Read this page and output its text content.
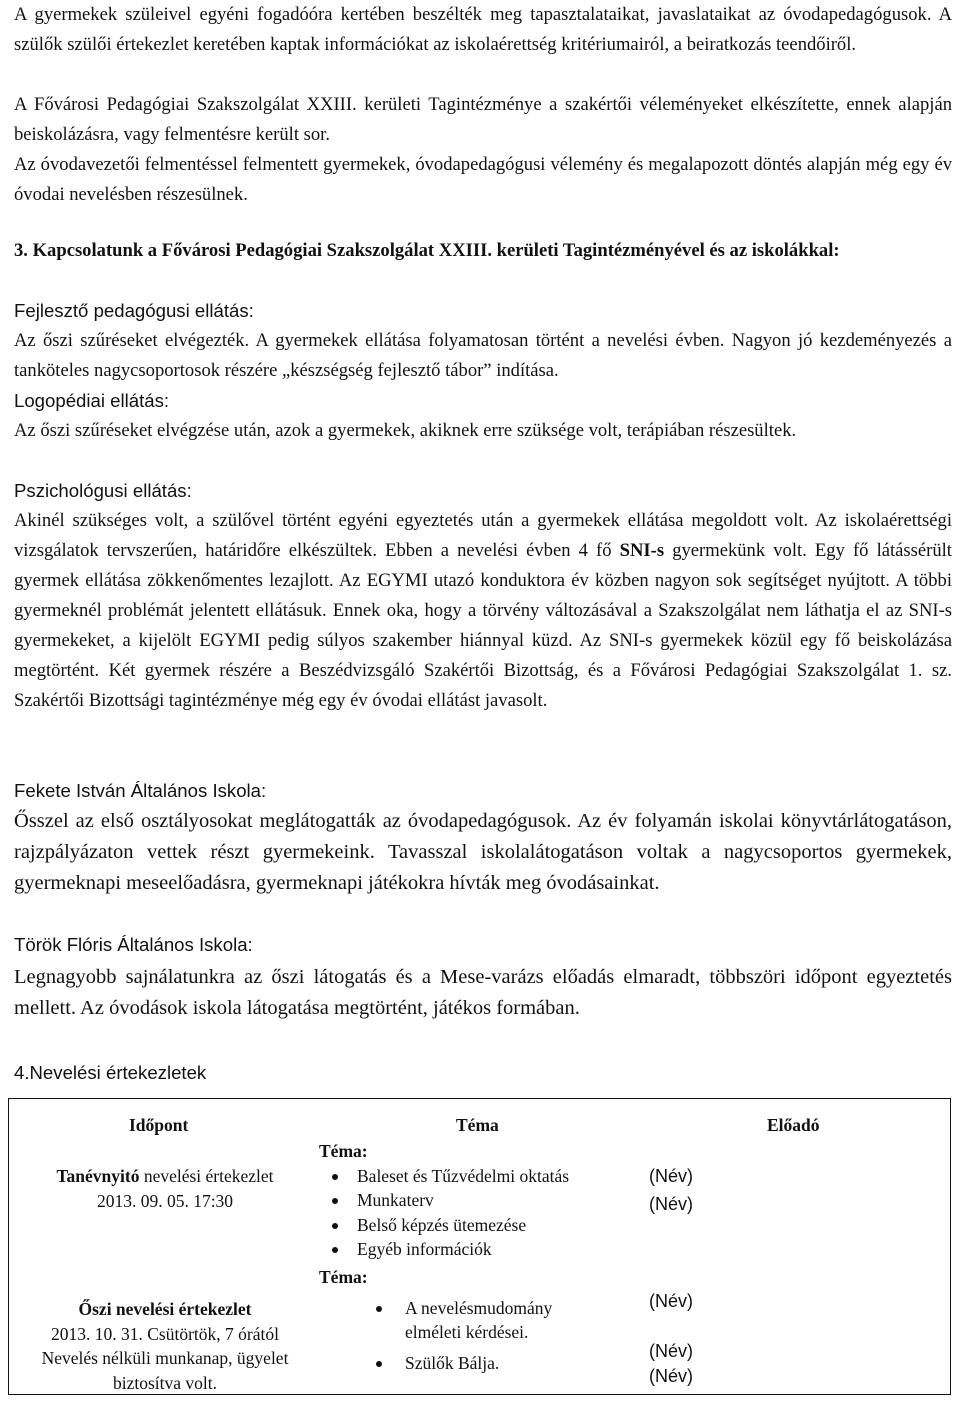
A gyermekek szüleivel egyéni fogadóóra kertében beszélték meg tapasztalataikat, javaslataikat az óvodapedagógusok. A szülők szülői értekezlet keretében kaptak információkat az iskolaérettség kritériumairól, a beiratkozás teendőiről.
A Fővárosi Pedagógiai Szakszolgálat XXIII. kerületi Tagintézménye a szakértői véleményeket elkészítette, ennek alapján beiskolázásra, vagy felmentésre került sor.
Az óvodavezetői felmentéssel felmentett gyermekek, óvodapedagógusi vélemény és megalapozott döntés alapján még egy év óvodai nevelésben részesülnek.
3. Kapcsolatunk a Fővárosi Pedagógiai Szakszolgálat XXIII. kerületi Tagintézményével és az iskolákkal:
Fejlesztő pedagógusi ellátás:
Az őszi szűréseket elvégezték. A gyermekek ellátása folyamatosan történt a nevelési évben. Nagyon jó kezdeményezés a tanköteles nagycsoportosok részére „készségség fejlesztő tábor” indítása.
Logopédiai ellátás:
Az őszi szűréseket elvégzése után, azok a gyermekek, akiknek erre szüksége volt, terápiában részesültek.
Pszichológusi ellátás:
Akinél szükséges volt, a szülővel történt egyéni egyeztetés után a gyermekek ellátása megoldott volt. Az iskolaérettségi vizsgálatok tervszerűen, határidőre elkészültek. Ebben a nevelési évben 4 fő SNI-s gyermekünk volt. Egy fő látássérült gyermek ellátása zökkenőmentes lezajlott. Az EGYMI utazó konduktora év közben nagyon sok segítséget nyújtott. A többi gyermeknél problémát jelentett ellátásuk. Ennek oka, hogy a törvény változásával a Szakszolgálat nem láthatja el az SNI-s gyermekeket, a kijelölt EGYMI pedig súlyos szakember hiánnyal küzd. Az SNI-s gyermekek közül egy fő beiskolázása megtörtént. Két gyermek részére a Beszédvizsgáló Szakértői Bizottság, és a Fővárosi Pedagógiai Szakszolgálat 1. sz. Szakértői Bizottsági tagintézménye még egy év óvodai ellátást javasolt.
Fekete István Általános Iskola:
Ősszel az első osztályosokat meglátogatták az óvodapedagógusok. Az év folyamán iskolai könyvtárlátogatáson, rajzpályázaton vettek részt gyermekeink. Tavasszal iskolalátogatáson voltak a nagycsoportos gyermekek, gyermeknapi meseelőadásra, gyermeknapi játékokra hívták meg óvodásainkat.
Török Flóris Általános Iskola:
Legnagyobb sajnálatunkra az őszi látogatás és a Mese-varázs előadás elmaradt, többszöri időpont egyeztetés mellett. Az óvodások iskola látogatása megtörtént, játékos formában.
4.Nevelési értekezletek
Időpont	Téma	Előadó
Tanévnyitó nevelési értekezlet
2013. 09. 05. 17:30
Téma:
Baleset és Tűzvédelmi oktatás
Munkaterv
Belső képzés ütemezése
Egyéb információk
(Név)
(Név)
Őszi nevelési értekezlet
2013. 10. 31. Csütörtök, 7 órától
Nevelés nélküli munkanap, ügyelet biztosítva volt.
Téma:
A nevelésmudomány elméleti kérdései.
Szülők Bálja.
(Név)
(Név)
(Név)
